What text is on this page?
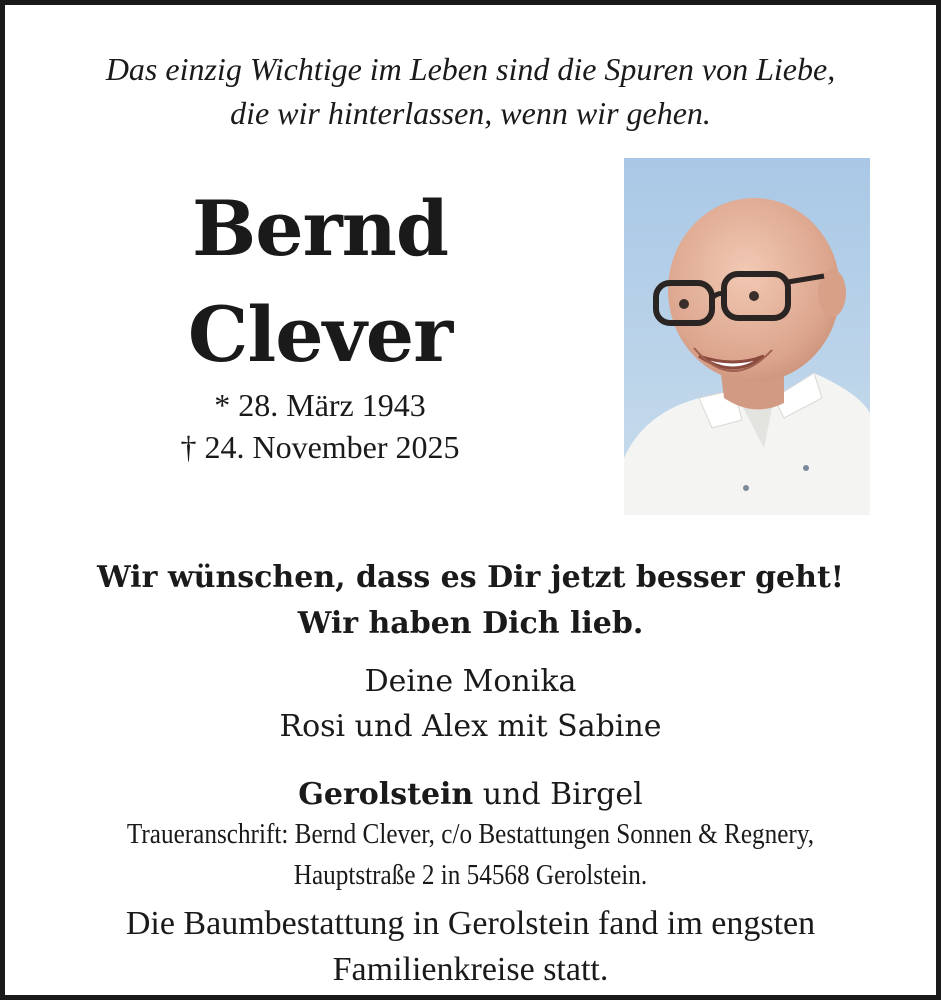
Das einzig Wichtige im Leben sind die Spuren von Liebe,
die wir hinterlassen, wenn wir gehen.
Bernd
Clever
* 28. März 1943
† 24. November 2025
Wir wünschen, dass es Dir jetzt besser geht!
Wir haben Dich lieb.
Deine Monika
Rosi und Alex mit Sabine
Gerolstein und Birgel
Traueranschrift: Bernd Clever, c/o Bestattungen Sonnen & Regnery,
Hauptstraße 2 in 54568 Gerolstein.
Die Baumbestattung in Gerolstein fand im engsten
Familienkreise statt.
